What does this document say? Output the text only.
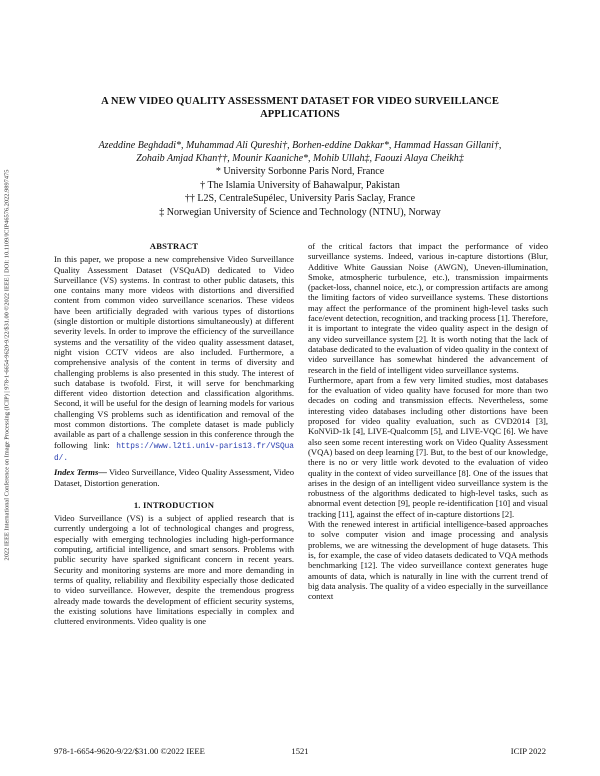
2022 IEEE International Conference on Image Processing (ICIP) | 978-1-6654-9620-9/22/$31.00 ©2022 IEEE | DOI: 10.1109/ICIP46576.2022.9897475
A NEW VIDEO QUALITY ASSESSMENT DATASET FOR VIDEO SURVEILLANCE
APPLICATIONS
Azeddine Beghdadi*, Muhammad Ali Qureshi†, Borhen-eddine Dakkar*, Hammad Hassan Gillani†,
Zohaib Amjad Khan††, Mounir Kaaniche*, Mohib Ullah‡, Faouzi Alaya Cheikh‡
* University Sorbonne Paris Nord, France
† The Islamia University of Bahawalpur, Pakistan
†† L2S, CentraleSupélec, University Paris Saclay, France
‡ Norwegian University of Science and Technology (NTNU), Norway
ABSTRACT

In this paper, we propose a new comprehensive Video Surveillance Quality Assessment Dataset (VSQuAD) dedicated to Video Surveillance (VS) systems. In contrast to other public datasets, this one contains many more videos with distortions and diversified content from common video surveillance scenarios. These videos have been artificially degraded with various types of distortions (single distortion or multiple distortions simultaneously) at different severity levels. In order to improve the efficiency of the surveillance systems and the versatility of the video quality assessment dataset, night vision CCTV videos are also included. Furthermore, a comprehensive analysis of the content in terms of diversity and challenging problems is also presented in this study. The interest of such database is twofold. First, it will serve for benchmarking different video distortion detection and classification algorithms. Second, it will be useful for the design of learning models for various challenging VS problems such as identification and removal of the most common distortions. The complete dataset is made publicly available as part of a challenge session in this conference through the following link: https://www.l2ti.univ-paris13.fr/VSQuad/.

Index Terms— Video Surveillance, Video Quality Assessment, Video Dataset, Distortion generation.

1. INTRODUCTION

Video Surveillance (VS) is a subject of applied research that is currently undergoing a lot of technological changes and progress, especially with emerging technologies including high-performance computing, artificial intelligence, and smart sensors. Problems with public security have sparked significant concern in recent years. Security and monitoring systems are more and more demanding in terms of quality, reliability and flexibility especially those dedicated to video surveillance. However, despite the tremendous progress already made towards the development of efficient security systems, the existing solutions have limitations especially in complex and cluttered environments. Video quality is one

of the critical factors that impact the performance of video surveillance systems. Indeed, various in-capture distortions (Blur, Additive White Gaussian Noise (AWGN), Uneven-illumination, Smoke, atmospheric turbulence, etc.), transmission impairments (packet-loss, channel noice, etc.), or compression artifacts are among the limiting factors of video surveillance systems. These distortions may affect the performance of the prominent high-level tasks such face/event detection, recognition, and tracking process [1]. Therefore, it is important to integrate the video quality aspect in the design of any video surveillance system [2]. It is worth noting that the lack of database dedicated to the evaluation of video quality in the context of video surveillance has somewhat hindered the advancement of research in the field of intelligent video surveillance systems.

Furthermore, apart from a few very limited studies, most databases for the evaluation of video quality have focused for more than two decades on coding and transmission effects. Nevertheless, some interesting video databases including other distortions have been proposed for video quality evaluation, such as CVD2014 [3], KoNViD-1k [4], LIVE-Qualcomm [5], and LIVE-VQC [6]. We have also seen some recent interesting work on Video Quality Assessment (VQA) based on deep learning [7]. But, to the best of our knowledge, there is no or very little work devoted to the evaluation of video quality in the context of video surveillance [8]. One of the issues that arises in the design of an intelligent video surveillance system is the robustness of the algorithms dedicated to high-level tasks, such as abnormal event detection [9], people re-identification [10] and visual tracking [11], against the effect of in-capture distortions [2].

With the renewed interest in artificial intelligence-based approaches to solve computer vision and image processing and analysis problems, we are witnessing the development of huge datasets. This is, for example, the case of video datasets dedicated to VQA methods benchmarking [12]. The video surveillance context generates huge amounts of data, which is naturally in line with the current trend of big data analysis. The quality of a video especially in the surveillance context

978-1-6654-9620-9/22/$31.00 ©2022 IEEE	1521	ICIP 2022
